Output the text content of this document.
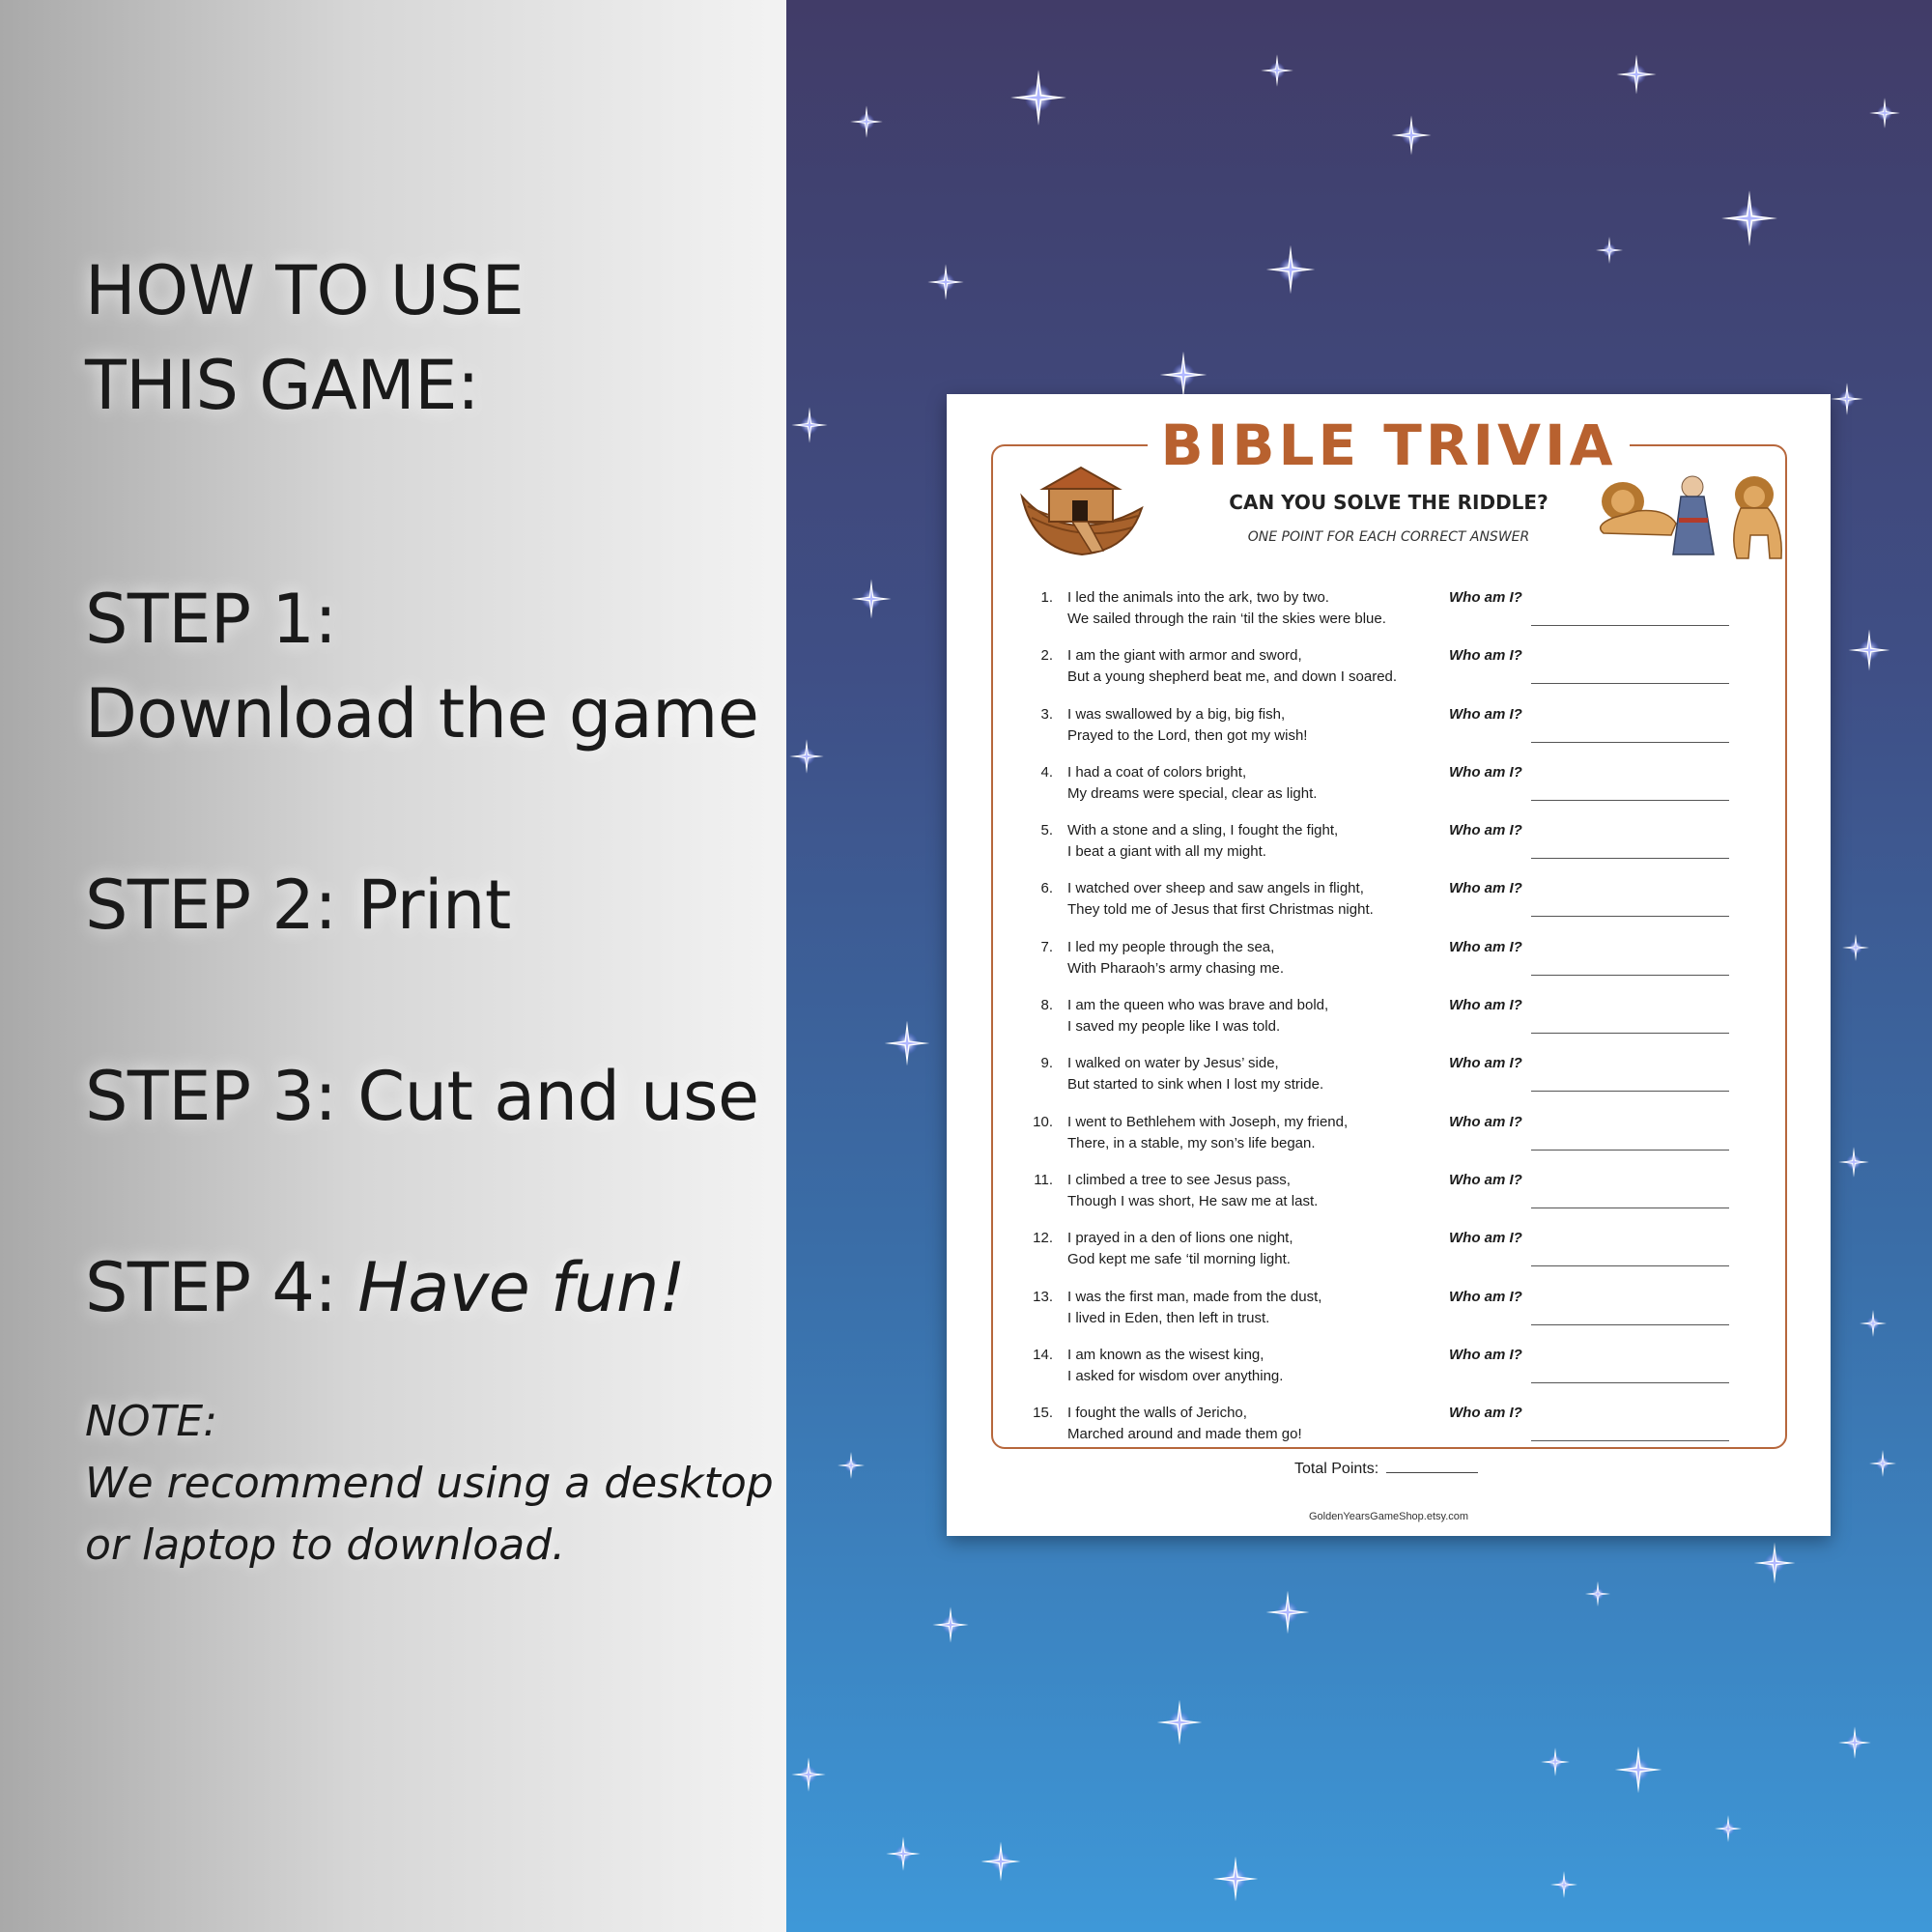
HOW TO USE
THIS GAME:
STEP 1:
Download the game
STEP 2: Print
STEP 3: Cut and use
STEP 4: Have fun!
NOTE:
We recommend using a desktop
or laptop to download.
BIBLE TRIVIA
CAN YOU SOLVE THE RIDDLE?
ONE POINT FOR EACH CORRECT ANSWER
1. I led the animals into the ark, two by two.
We sailed through the rain ‘til the skies were blue.
Who am I?
2. I am the giant with armor and sword,
But a young shepherd beat me, and down I soared.
Who am I?
3. I was swallowed by a big, big fish,
Prayed to the Lord, then got my wish!
Who am I?
4. I had a coat of colors bright,
My dreams were special, clear as light.
Who am I?
5. With a stone and a sling, I fought the fight,
I beat a giant with all my might.
Who am I?
6. I watched over sheep and saw angels in flight,
They told me of Jesus that first Christmas night.
Who am I?
7. I led my people through the sea,
With Pharaoh’s army chasing me.
Who am I?
8. I am the queen who was brave and bold,
I saved my people like I was told.
Who am I?
9. I walked on water by Jesus’ side,
But started to sink when I lost my stride.
Who am I?
10. I went to Bethlehem with Joseph, my friend,
There, in a stable, my son’s life began.
Who am I?
11. I climbed a tree to see Jesus pass,
Though I was short, He saw me at last.
Who am I?
12. I prayed in a den of lions one night,
God kept me safe ‘til morning light.
Who am I?
13. I was the first man, made from the dust,
I lived in Eden, then left in trust.
Who am I?
14. I am known as the wisest king,
I asked for wisdom over anything.
Who am I?
15. I fought the walls of Jericho,
Marched around and made them go!
Who am I?
Total Points:
GoldenYearsGameShop.etsy.com
